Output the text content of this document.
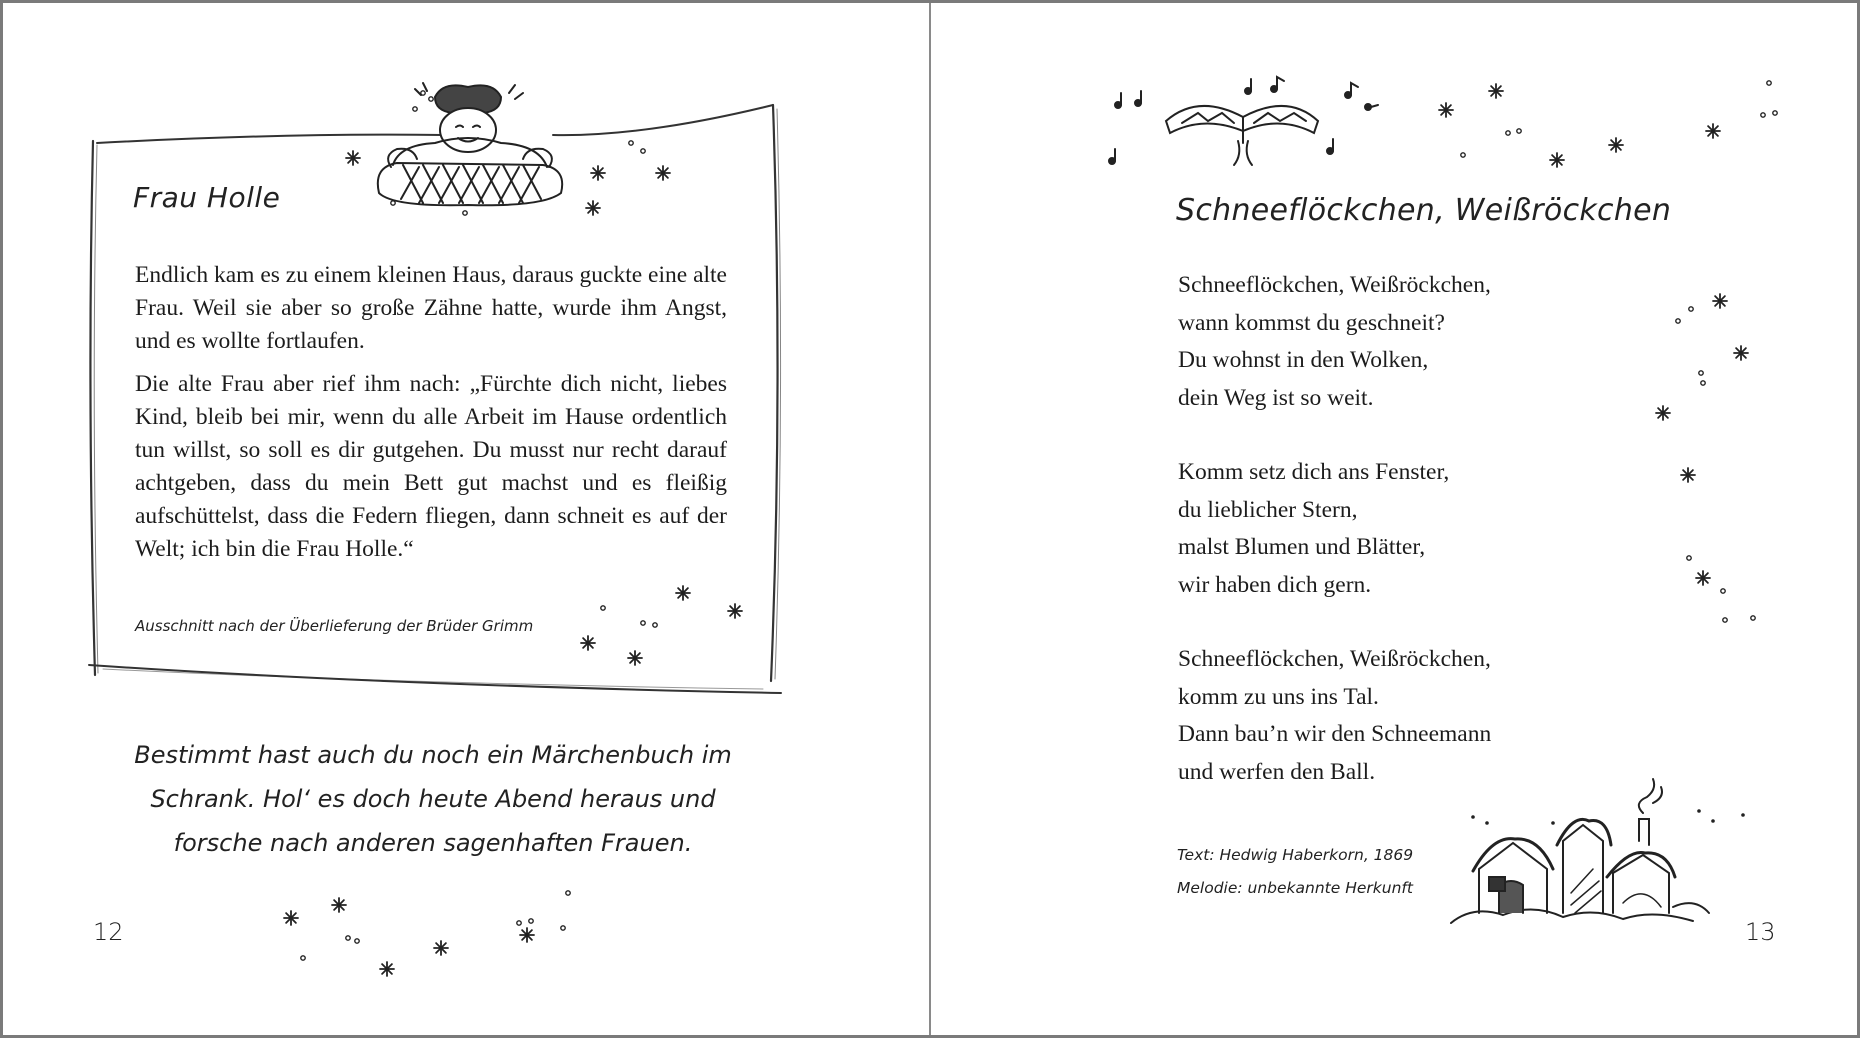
Frau Holle

Endlich kam es zu einem kleinen Haus, daraus guckte eine alte Frau. Weil sie aber so große Zähne hatte, wurde ihm Angst, und es wollte fortlaufen.

Die alte Frau aber rief ihm nach: „Fürchte dich nicht, liebes Kind, bleib bei mir, wenn du alle Arbeit im Hause ordentlich tun willst, so soll es dir gutgehen. Du musst nur recht darauf achtgeben, dass du mein Bett gut machst und es fleißig aufschüttelst, dass die Federn fliegen, dann schneit es auf der Welt; ich bin die Frau Holle.“

Ausschnitt nach der Überlieferung der Brüder Grimm
Bestimmt hast auch du noch ein Märchenbuch im
Schrank. Hol‘ es doch heute Abend heraus und
forsche nach anderen sagenhaften Frauen.
12
Schneeflöckchen, Weißröckchen
Schneeflöckchen, Weißröckchen,
wann kommst du geschneit?
Du wohnst in den Wolken,
dein Weg ist so weit.
Komm setz dich ans Fenster,
du lieblicher Stern,
malst Blumen und Blätter,
wir haben dich gern.
Schneeflöckchen, Weißröckchen,
komm zu uns ins Tal.
Dann bau’n wir den Schneemann
und werfen den Ball.
Text: Hedwig Haberkorn, 1869
Melodie: unbekannte Herkunft
13
